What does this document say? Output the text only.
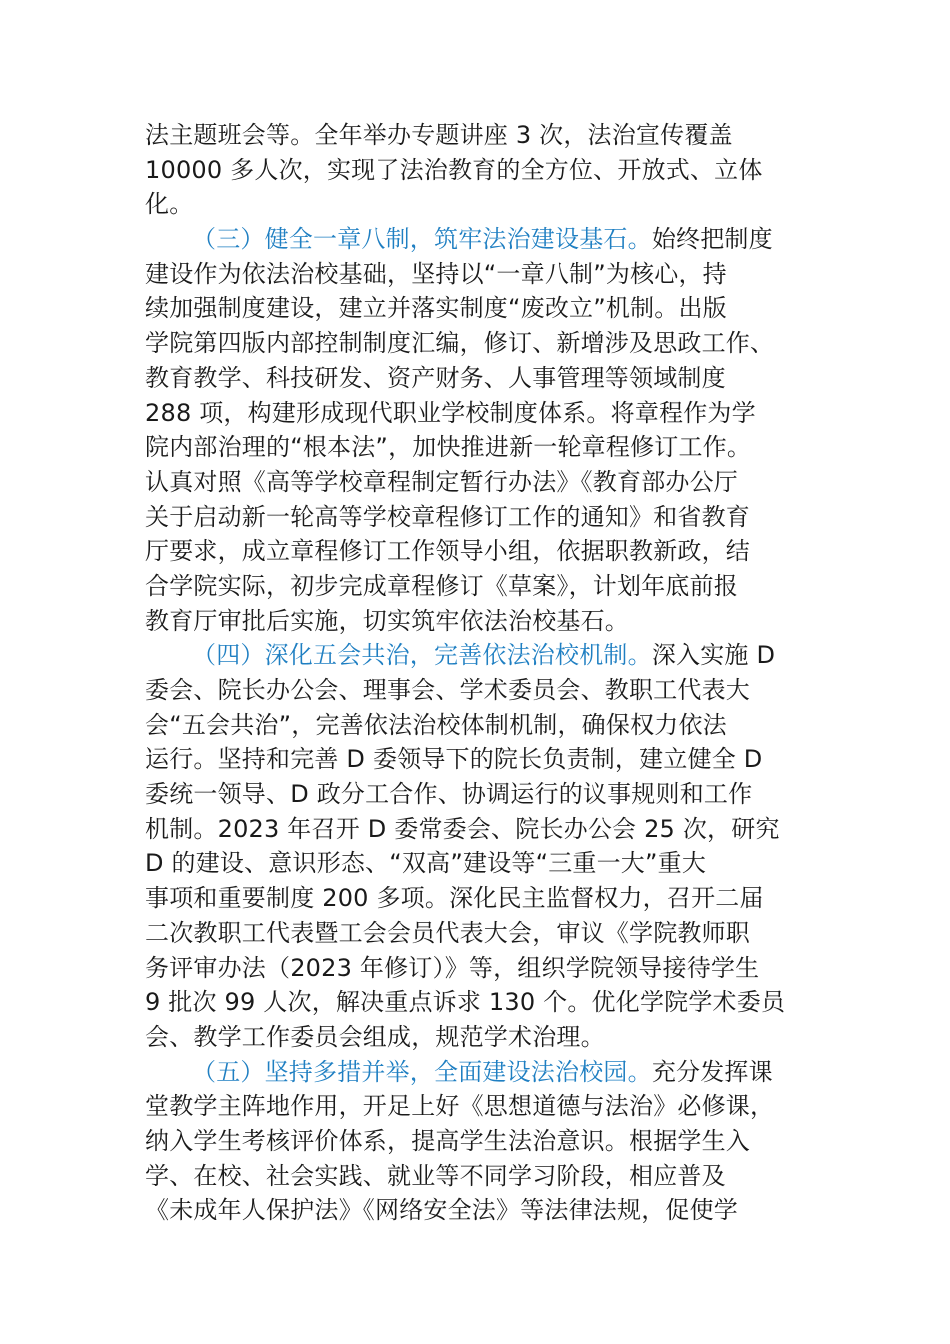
法主题班会等。全年举办专题讲座 3 次，法治宣传覆盖
10000 多人次，实现了法治教育的全方位、开放式、立体
化。
（三）健全一章八制，筑牢法治建设基石。始终把制度
建设作为依法治校基础，坚持以“一章八制”为核心，持
续加强制度建设，建立并落实制度“废改立”机制。出版
学院第四版内部控制制度汇编，修订、新增涉及思政工作、
教育教学、科技研发、资产财务、人事管理等领域制度
288 项，构建形成现代职业学校制度体系。将章程作为学
院内部治理的“根本法”，加快推进新一轮章程修订工作。
认真对照《高等学校章程制定暂行办法》《教育部办公厅
关于启动新一轮高等学校章程修订工作的通知》和省教育
厅要求，成立章程修订工作领导小组，依据职教新政，结
合学院实际，初步完成章程修订《草案》，计划年底前报
教育厅审批后实施，切实筑牢依法治校基石。
（四）深化五会共治，完善依法治校机制。深入实施 D
委会、院长办公会、理事会、学术委员会、教职工代表大
会“五会共治”，完善依法治校体制机制，确保权力依法
运行。坚持和完善 D 委领导下的院长负责制，建立健全 D
委统一领导、D 政分工合作、协调运行的议事规则和工作
机制。2023 年召开 D 委常委会、院长办公会 25 次，研究
D 的建设、意识形态、“双高”建设等“三重一大”重大
事项和重要制度 200 多项。深化民主监督权力，召开二届
二次教职工代表暨工会会员代表大会，审议《学院教师职
务评审办法（2023 年修订）》等，组织学院领导接待学生
9 批次 99 人次，解决重点诉求 130 个。优化学院学术委员
会、教学工作委员会组成，规范学术治理。
（五）坚持多措并举，全面建设法治校园。充分发挥课
堂教学主阵地作用，开足上好《思想道德与法治》必修课，
纳入学生考核评价体系，提高学生法治意识。根据学生入
学、在校、社会实践、就业等不同学习阶段，相应普及
《未成年人保护法》《网络安全法》等法律法规，促使学
